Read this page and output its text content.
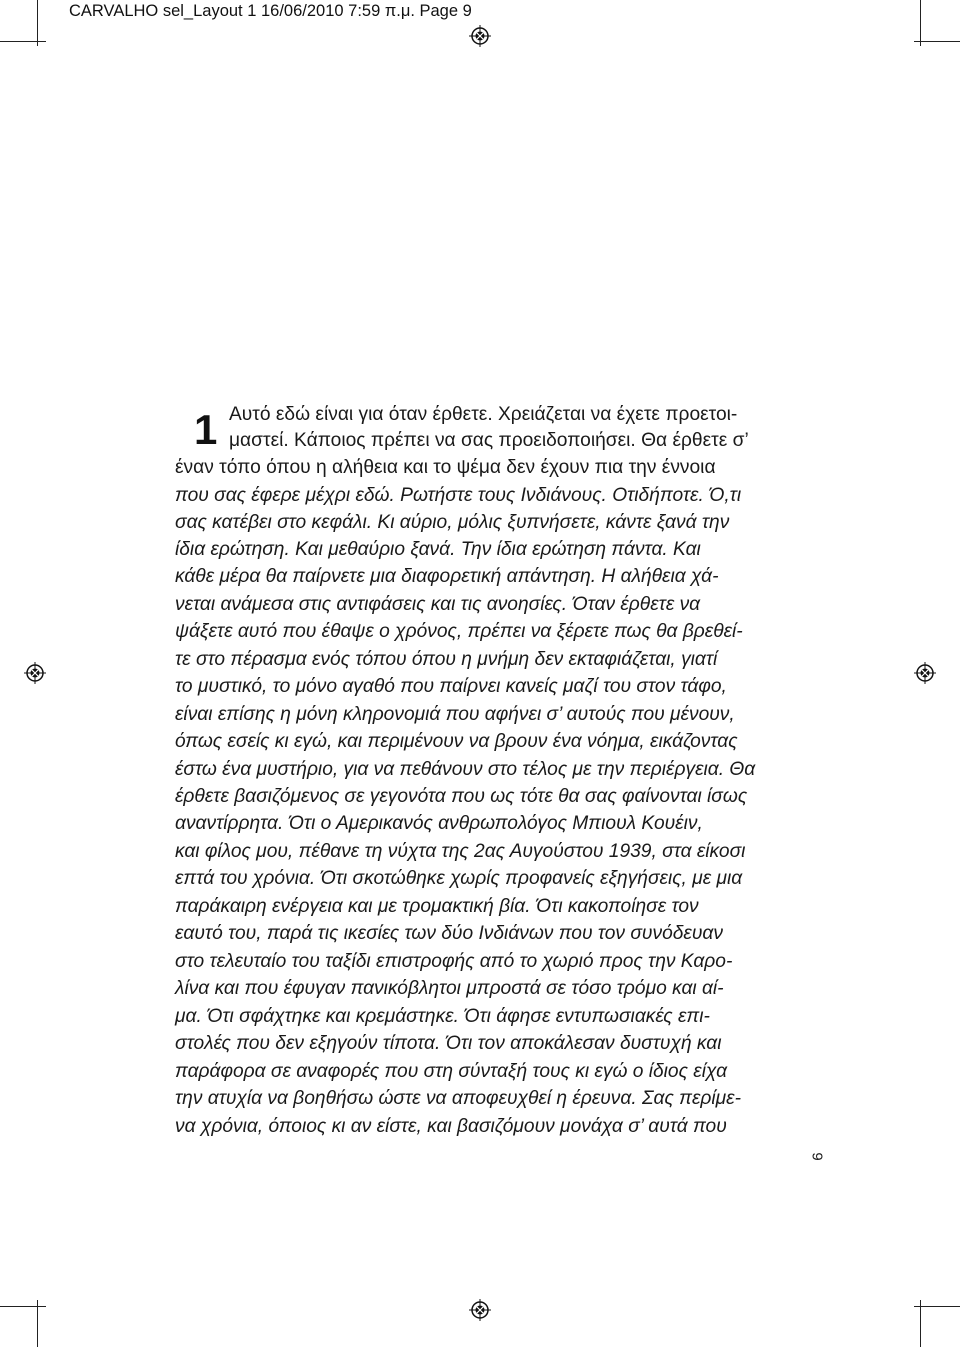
CARVALHO sel_Layout 1 16/06/2010 7:59 π.μ. Page 9
1 Αυτό εδώ είναι για όταν έρθετε. Χρειάζεται να έχετε προετοι-
μαστεί. Κάποιος πρέπει να σας προειδοποιήσει. Θα έρθετε σ’
έναν τόπο όπου η αλήθεια και το ψέμα δεν έχουν πια την έννοια
που σας έφερε μέχρι εδώ. Ρωτήστε τους Ινδιάνους. Οτιδήποτε. Ό,τι
σας κατέβει στο κεφάλι. Κι αύριο, μόλις ξυπνήσετε, κάντε ξανά την
ίδια ερώτηση. Και μεθαύριο ξανά. Την ίδια ερώτηση πάντα. Και
κάθε μέρα θα παίρνετε μια διαφορετική απάντηση. Η αλήθεια χά-
νεται ανάμεσα στις αντιφάσεις και τις ανοησίες. Όταν έρθετε να
ψάξετε αυτό που έθαψε ο χρόνος, πρέπει να ξέρετε πως θα βρεθεί-
τε στο πέρασμα ενός τόπου όπου η μνήμη δεν εκταφιάζεται, γιατί
το μυστικό, το μόνο αγαθό που παίρνει κανείς μαζί του στον τάφο,
είναι επίσης η μόνη κληρονομιά που αφήνει σ’ αυτούς που μένουν,
όπως εσείς κι εγώ, και περιμένουν να βρουν ένα νόημα, εικάζοντας
έστω ένα μυστήριο, για να πεθάνουν στο τέλος με την περιέργεια. Θα
έρθετε βασιζόμενος σε γεγονότα που ως τότε θα σας φαίνονται ίσως
αναντίρρητα. Ότι ο Αμερικανός ανθρωπολόγος Μπιουλ Κουέιν,
και φίλος μου, πέθανε τη νύχτα της 2ας Αυγούστου 1939, στα είκοσι
επτά του χρόνια. Ότι σκοτώθηκε χωρίς προφανείς εξηγήσεις, με μια
παράκαιρη ενέργεια και με τρομακτική βία. Ότι κακοποίησε τον
εαυτό του, παρά τις ικεσίες των δύο Ινδιάνων που τον συνόδευαν
στο τελευταίο του ταξίδι επιστροφής από το χωριό προς την Καρο-
λίνα και που έφυγαν πανικόβλητοι μπροστά σε τόσο τρόμο και αί-
μα. Ότι σφάχτηκε και κρεμάστηκε. Ότι άφησε εντυπωσιακές επι-
στολές που δεν εξηγούν τίποτα. Ότι τον αποκάλεσαν δυστυχή και
παράφορα σε αναφορές που στη σύνταξή τους κι εγώ ο ίδιος είχα
την ατυχία να βοηθήσω ώστε να αποφευχθεί η έρευνα. Σας περίμε-
να χρόνια, όποιος κι αν είστε, και βασιζόμουν μονάχα σ’ αυτά που
9
